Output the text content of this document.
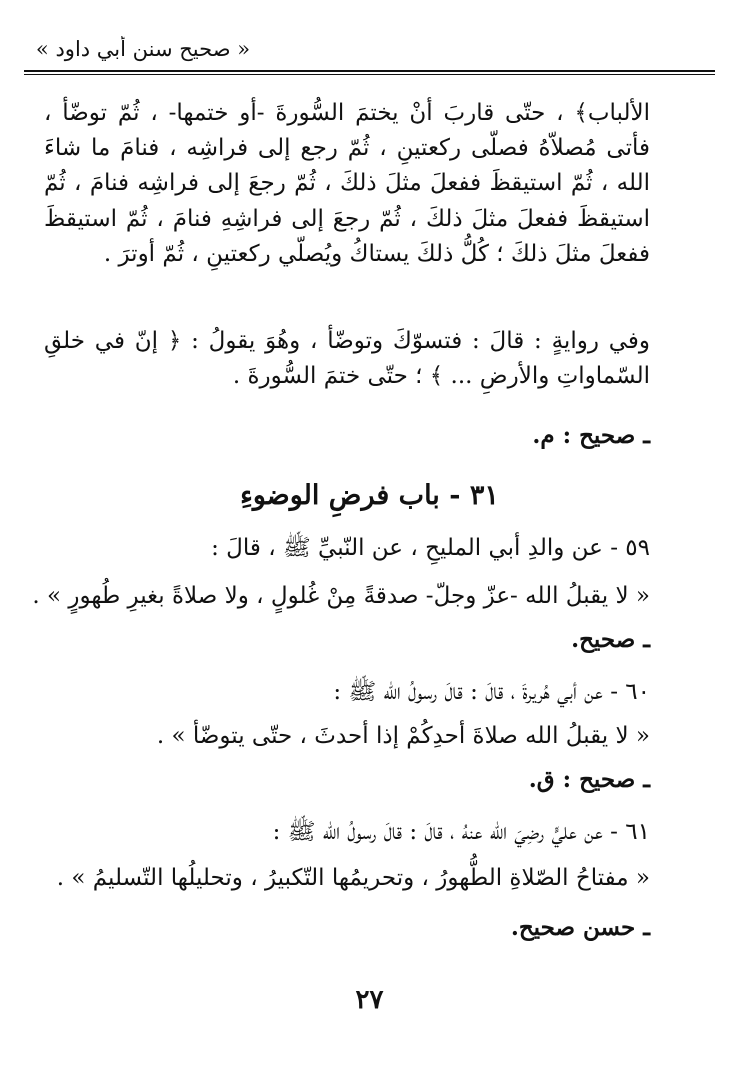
« صحيح سنن أبي داود »

الألباب﴾ ، حتّى قاربَ أنْ يختمَ السُّورةَ -أو ختمها- ، ثُمّ توضّأ ، فأتى مُصلاّهُ فصلّى ركعتينِ ، ثُمّ رجع إلى فراشِه ، فنامَ ما شاءَ الله ، ثُمّ استيقظَ ففعلَ مثلَ ذلكَ ، ثُمّ رجعَ إلى فراشِه فنامَ ، ثُمّ استيقظَ ففعلَ مثلَ ذلكَ ، ثُمّ رجعَ إلى فراشِهِ فنامَ ، ثُمّ استيقظَ ففعلَ مثلَ ذلكَ ؛ كُلُّ ذلكَ يستاكُ ويُصلّي ركعتينِ ، ثُمّ أوترَ .

وفي روايةٍ : قالَ : فتسوّكَ وتوضّأ ، وهُوَ يقولُ : ﴿ إنّ في خلقِ السّماواتِ والأرضِ ... ﴾ ؛ حتّى ختمَ السُّورةَ .

ـ صحيح : م.
٣١ - باب فرضِ الوضوءِ
٥٩ - عن والدِ أبي المليحِ ، عن النّبيِّ ﷺ ، قالَ :
« لا يقبلُ الله -عزّ وجلّ- صدقةً مِنْ غُلولٍ ، ولا صلاةً بغيرِ طُهورٍ » .
ـ صحيح.
٦٠ - عن أبي هُريرةَ ، قالَ : قالَ رسولُ الله ﷺ :
« لا يقبلُ الله صلاةَ أحدِكُمْ إذا أحدثَ ، حتّى يتوضّأ » .
ـ صحيح : ق.
٦١ - عن عليٍّ رضِيَ الله عنهُ ، قالَ : قالَ رسولُ الله ﷺ :
« مفتاحُ الصّلاةِ الطُّهورُ ، وتحريمُها التّكبيرُ ، وتحليلُها التّسليمُ » .
ـ حسن صحيح.
٢٧
